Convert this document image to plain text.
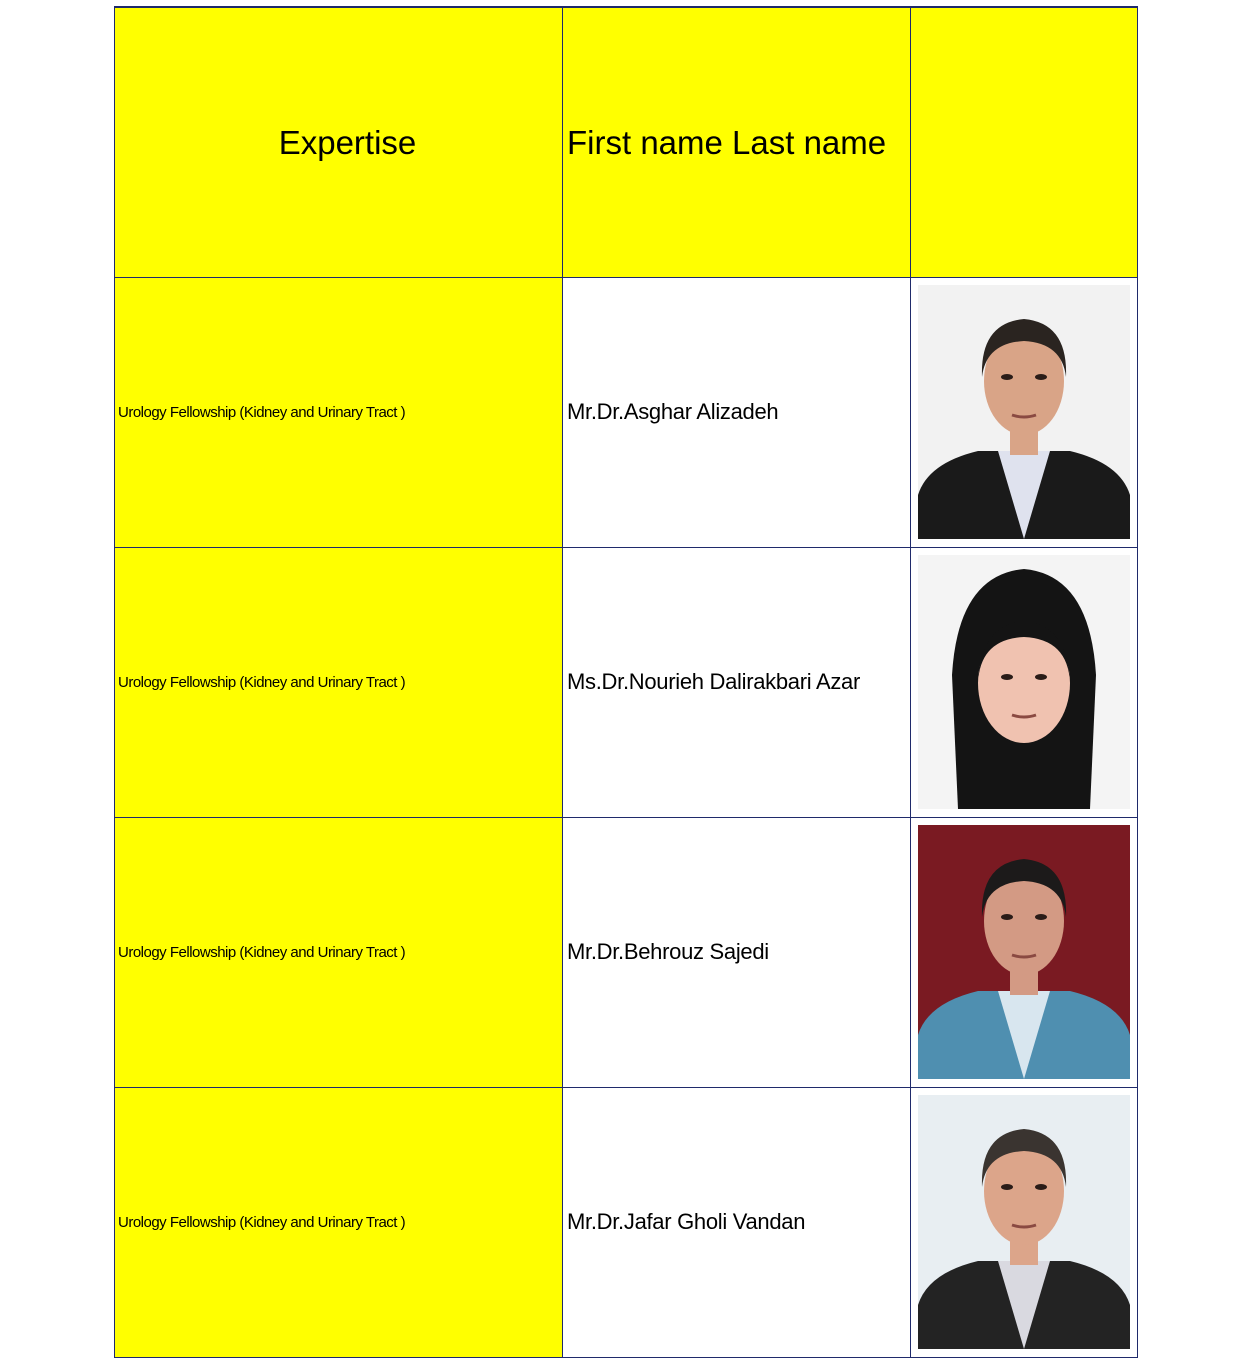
Expertise	First name Last name	

Urology Fellowship (Kidney and Urinary Tract )	Mr.Dr.Asghar Alizadeh

Urology Fellowship (Kidney and Urinary Tract )	Ms.Dr.Nourieh Dalirakbari Azar

Urology Fellowship (Kidney and Urinary Tract )	Mr.Dr.Behrouz Sajedi

Urology Fellowship (Kidney and Urinary Tract )	Mr.Dr.Jafar Gholi Vandan
